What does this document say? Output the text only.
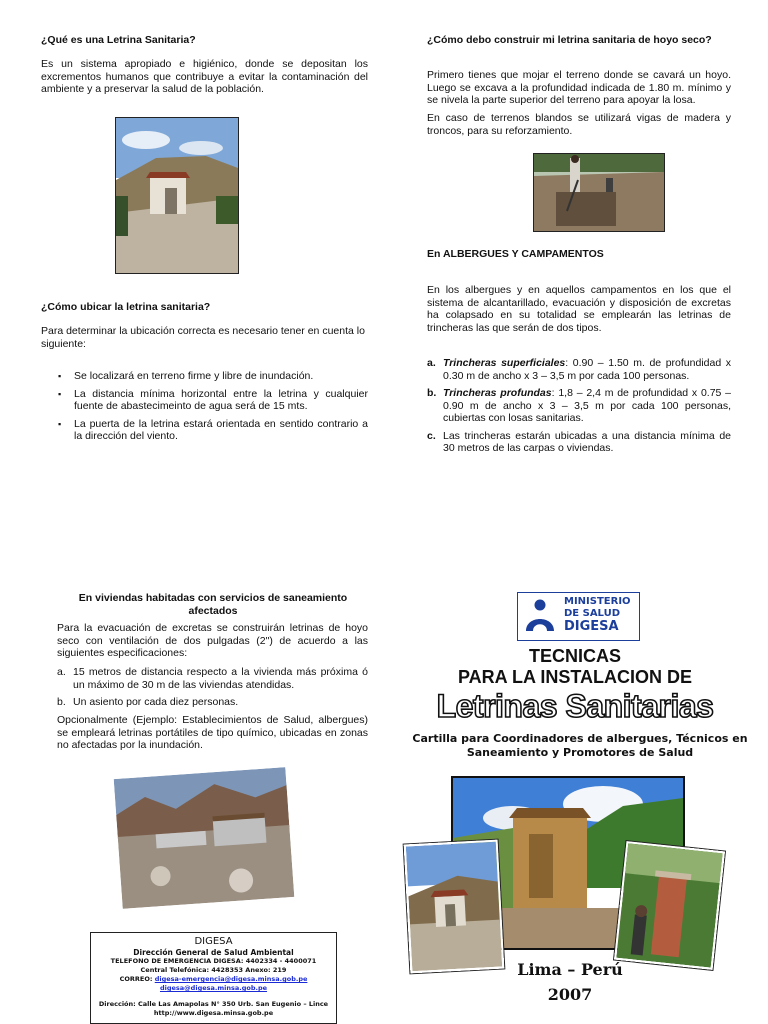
¿Qué es una Letrina Sanitaria?
Es un sistema apropiado e higiénico, donde se depositan los excrementos humanos que contribuye a evitar la contaminación del ambiente y a preservar la salud de la población.
¿Cómo ubicar la letrina sanitaria?
Para determinar la ubicación correcta es necesario tener en cuenta lo siguiente:
▪ Se localizará en terreno firme y libre de inundación.
▪ La distancia mínima horizontal entre la letrina y cualquier fuente de abastecimeinto de agua será de 15 mts.
▪ La puerta de la letrina estará orientada en sentido contrario a la dirección del viento.
¿Cómo debo construir mi letrina sanitaria de hoyo seco?
Primero tienes que mojar el terreno donde se cavará un hoyo. Luego se excava a la profundidad indicada de 1.80 m. mínimo y se nivela la parte superior del terreno para apoyar la losa.
En caso de terrenos blandos se utilizará vigas de madera y troncos, para su reforzamiento.
En ALBERGUES Y CAMPAMENTOS
En los albergues y en aquellos campamentos en los que el sistema de alcantarillado, evacuación y disposición de excretas ha colapsado en su totalidad se emplearán las letrinas de trincheras las que serán de dos tipos.
a. Trincheras superficiales: 0.90 – 1.50 m. de profundidad x 0.30 m de ancho x 3 – 3,5 m por cada 100 personas.
b. Trincheras profundas: 1,8 – 2,4 m de profundidad x 0.75 – 0.90 m de ancho x 3 – 3,5 m por cada 100 personas, cubiertas con losas sanitarias.
c. Las trincheras estarán ubicadas a una distancia mínima de 30 metros de las carpas o viviendas.
En viviendas habitadas con servicios de saneamiento afectados
Para la evacuación de excretas se construirán letrinas de hoyo seco con ventilación de dos pulgadas (2") de acuerdo a las siguientes especificaciones:
a. 15 metros de distancia respecto a la vivienda más próxima ó un máximo de 30 m de las viviendas atendidas.
b. Un asiento por cada diez personas.
Opcionalmente (Ejemplo: Establecimientos de Salud, albergues) se empleará letrinas portátiles de tipo químico, ubicadas en zonas no afectadas por la inundación.
DIGESA
Dirección General de Salud Ambiental
TELEFONO DE EMERGENCIA DIGESA: 4402334 - 4400071
Central Telefónica: 4428353 Anexo: 219
CORREO: digesa-emergencia@digesa.minsa.gob.pe
digesa@digesa.minsa.gob.pe
Dirección: Calle Las Amapolas N° 350 Urb. San Eugenio – Lince
http://www.digesa.minsa.gob.pe
MINISTERIO
DE SALUD
DIGESA
TECNICAS
PARA LA INSTALACION DE
Letrinas Sanitarias
Cartilla para Coordinadores de albergues, Técnicos en Saneamiento y Promotores de Salud
Lima – Perú
2007
